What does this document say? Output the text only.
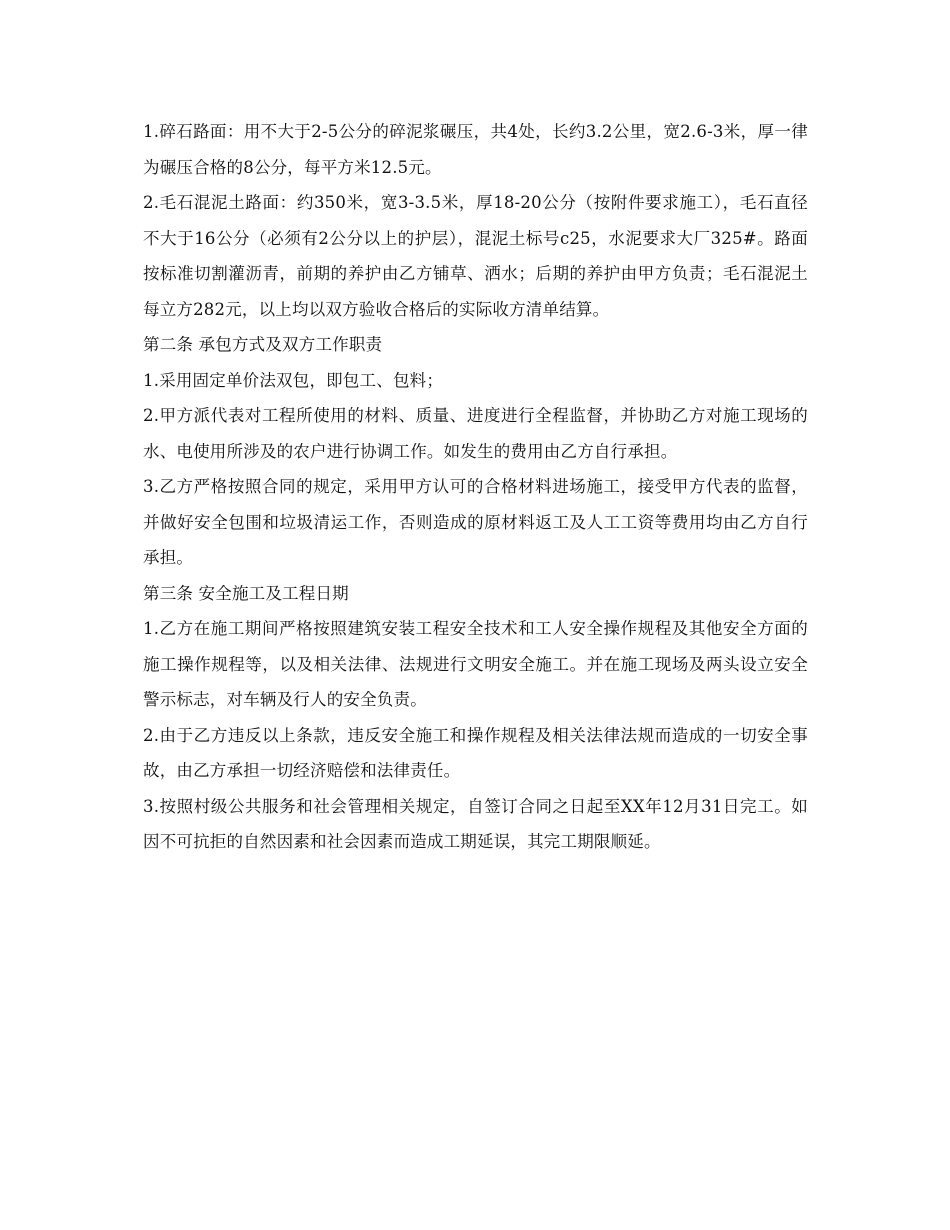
1.碎石路面：用不大于2-5公分的碎泥浆碾压，共4处，长约3.2公里，宽2.6-3米，厚一律为碾压合格的8公分，每平方米12.5元。

2.毛石混泥土路面：约350米，宽3-3.5米，厚18-20公分（按附件要求施工），毛石直径不大于16公分（必须有2公分以上的护层），混泥土标号c25，水泥要求大厂325#。路面按标准切割灌沥青，前期的养护由乙方铺草、洒水；后期的养护由甲方负责；毛石混泥土每立方282元，以上均以双方验收合格后的实际收方清单结算。

第二条 承包方式及双方工作职责

1.采用固定单价法双包，即包工、包料；

2.甲方派代表对工程所使用的材料、质量、进度进行全程监督，并协助乙方对施工现场的水、电使用所涉及的农户进行协调工作。如发生的费用由乙方自行承担。

3.乙方严格按照合同的规定，采用甲方认可的合格材料进场施工，接受甲方代表的监督，并做好安全包围和垃圾清运工作，否则造成的原材料返工及人工工资等费用均由乙方自行承担。

第三条 安全施工及工程日期

1.乙方在施工期间严格按照建筑安装工程安全技术和工人安全操作规程及其他安全方面的施工操作规程等，以及相关法律、法规进行文明安全施工。并在施工现场及两头设立安全警示标志，对车辆及行人的安全负责。

2.由于乙方违反以上条款，违反安全施工和操作规程及相关法律法规而造成的一切安全事故，由乙方承担一切经济赔偿和法律责任。

3.按照村级公共服务和社会管理相关规定，自签订合同之日起至XX年12月31日完工。如因不可抗拒的自然因素和社会因素而造成工期延误，其完工期限顺延。
